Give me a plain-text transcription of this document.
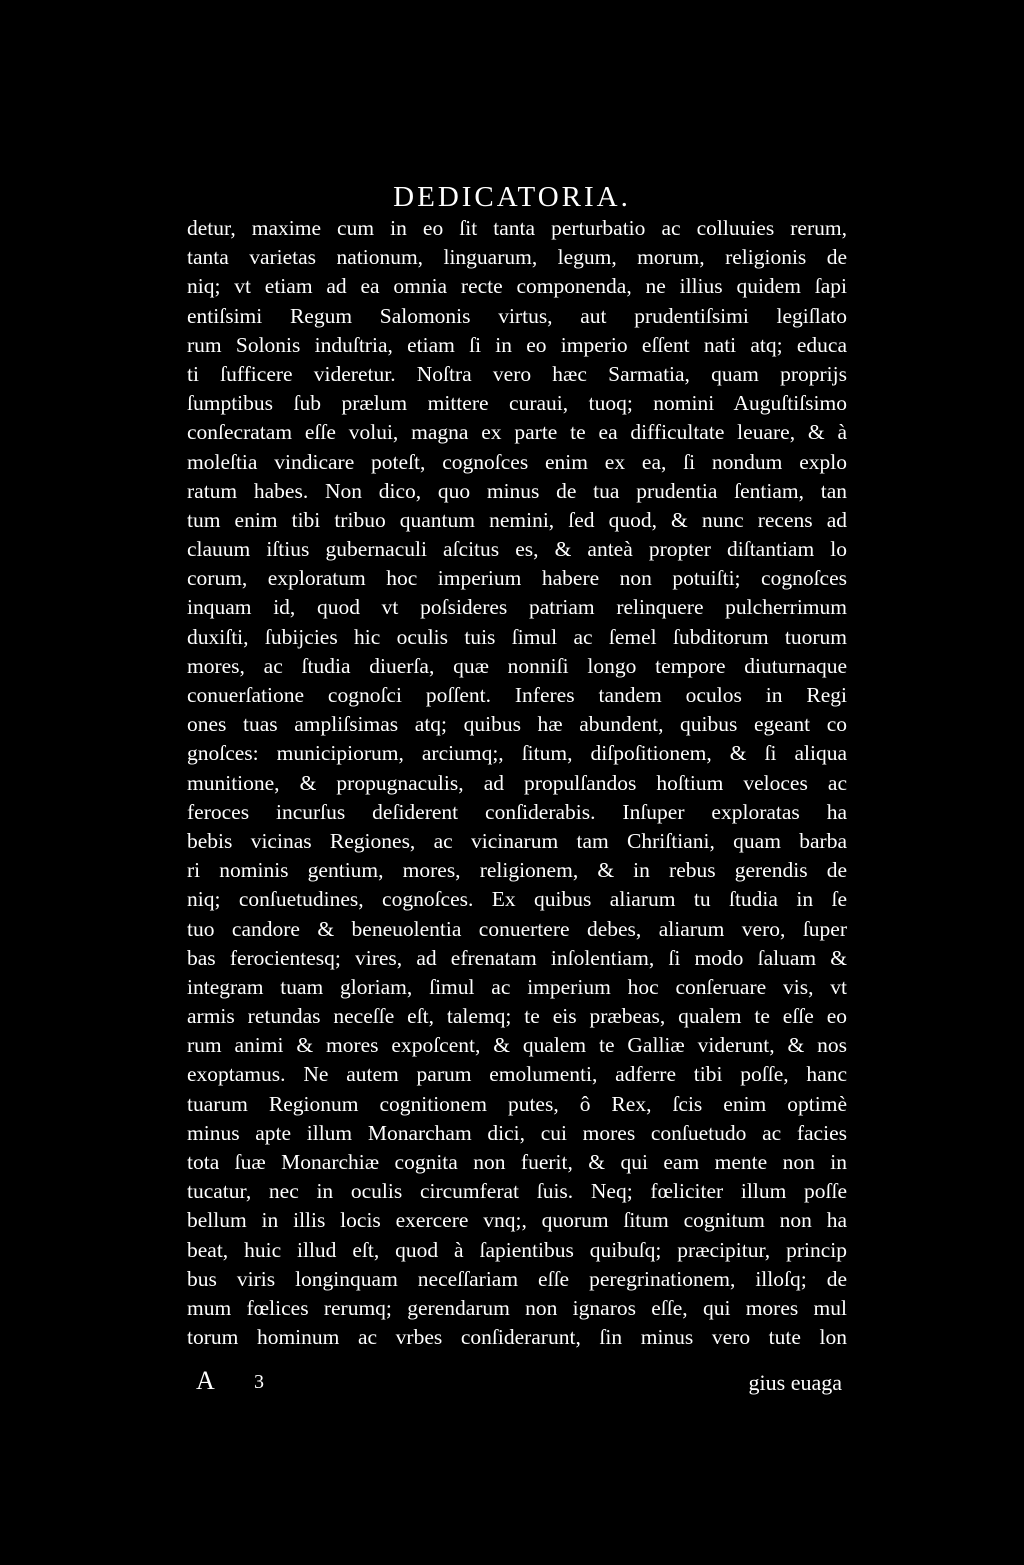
DEDICATORIA.
detur, maxime cum in eo ſit tanta perturbatio ac colluuies rerum,
tanta varietas nationum, linguarum, legum, morum, religionis de
niq; vt etiam ad ea omnia recte componenda, ne illius quidem ſapi
entiſsimi Regum Salomonis virtus, aut prudentiſsimi legiſlato
rum Solonis induſtria, etiam ſi in eo imperio eſſent nati atq; educa
ti ſufficere videretur. Noſtra vero hæc Sarmatia, quam proprijs
ſumptibus ſub prælum mittere curaui, tuoq; nomini Auguſtiſsimo
conſecratam eſſe volui, magna ex parte te ea difficultate leuare, & à
moleſtia vindicare poteſt, cognoſces enim ex ea, ſi nondum explo
ratum habes. Non dico, quo minus de tua prudentia ſentiam, tan
tum enim tibi tribuo quantum nemini, ſed quod, & nunc recens ad
clauum iſtius gubernaculi aſcitus es, & anteà propter diſtantiam lo
corum, exploratum hoc imperium habere non potuiſti; cognoſces
inquam id, quod vt poſsideres patriam relinquere pulcherrimum
duxiſti, ſubijcies hic oculis tuis ſimul ac ſemel ſubditorum tuorum
mores, ac ſtudia diuerſa, quæ nonniſi longo tempore diuturnaque
conuerſatione cognoſci poſſent. Inferes tandem oculos in Regi
ones tuas ampliſsimas atq; quibus hæ abundent, quibus egeant co
gnoſces: municipiorum, arciumq;, ſitum, diſpoſitionem, & ſi aliqua
munitione, & propugnaculis, ad propulſandos hoſtium veloces ac
feroces incurſus deſiderent conſiderabis. Inſuper exploratas ha
bebis vicinas Regiones, ac vicinarum tam Chriſtiani, quam barba
ri nominis gentium, mores, religionem, & in rebus gerendis de
niq; conſuetudines, cognoſces. Ex quibus aliarum tu ſtudia in ſe
tuo candore & beneuolentia conuertere debes, aliarum vero, ſuper
bas ferocientesq; vires, ad efrenatam inſolentiam, ſi modo ſaluam &
integram tuam gloriam, ſimul ac imperium hoc conſeruare vis, vt
armis retundas neceſſe eſt, talemq; te eis præbeas, qualem te eſſe eo
rum animi & mores expoſcent, & qualem te Galliæ viderunt, & nos
exoptamus. Ne autem parum emolumenti, adferre tibi poſſe, hanc
tuarum Regionum cognitionem putes, ô Rex, ſcis enim optimè
minus apte illum Monarcham dici, cui mores conſuetudo ac facies
tota ſuæ Monarchiæ cognita non fuerit, & qui eam mente non in
tucatur, nec in oculis circumferat ſuis. Neq; fœliciter illum poſſe
bellum in illis locis exercere vnq;, quorum ſitum cognitum non ha
beat, huic illud eſt, quod à ſapientibus quibuſq; præcipitur, princip
bus viris longinquam neceſſariam eſſe peregrinationem, illoſq; de
mum fœlices rerumq; gerendarum non ignaros eſſe, qui mores mul
torum hominum ac vrbes conſiderarunt, ſin minus vero tute lon
A 3	gius euaga
